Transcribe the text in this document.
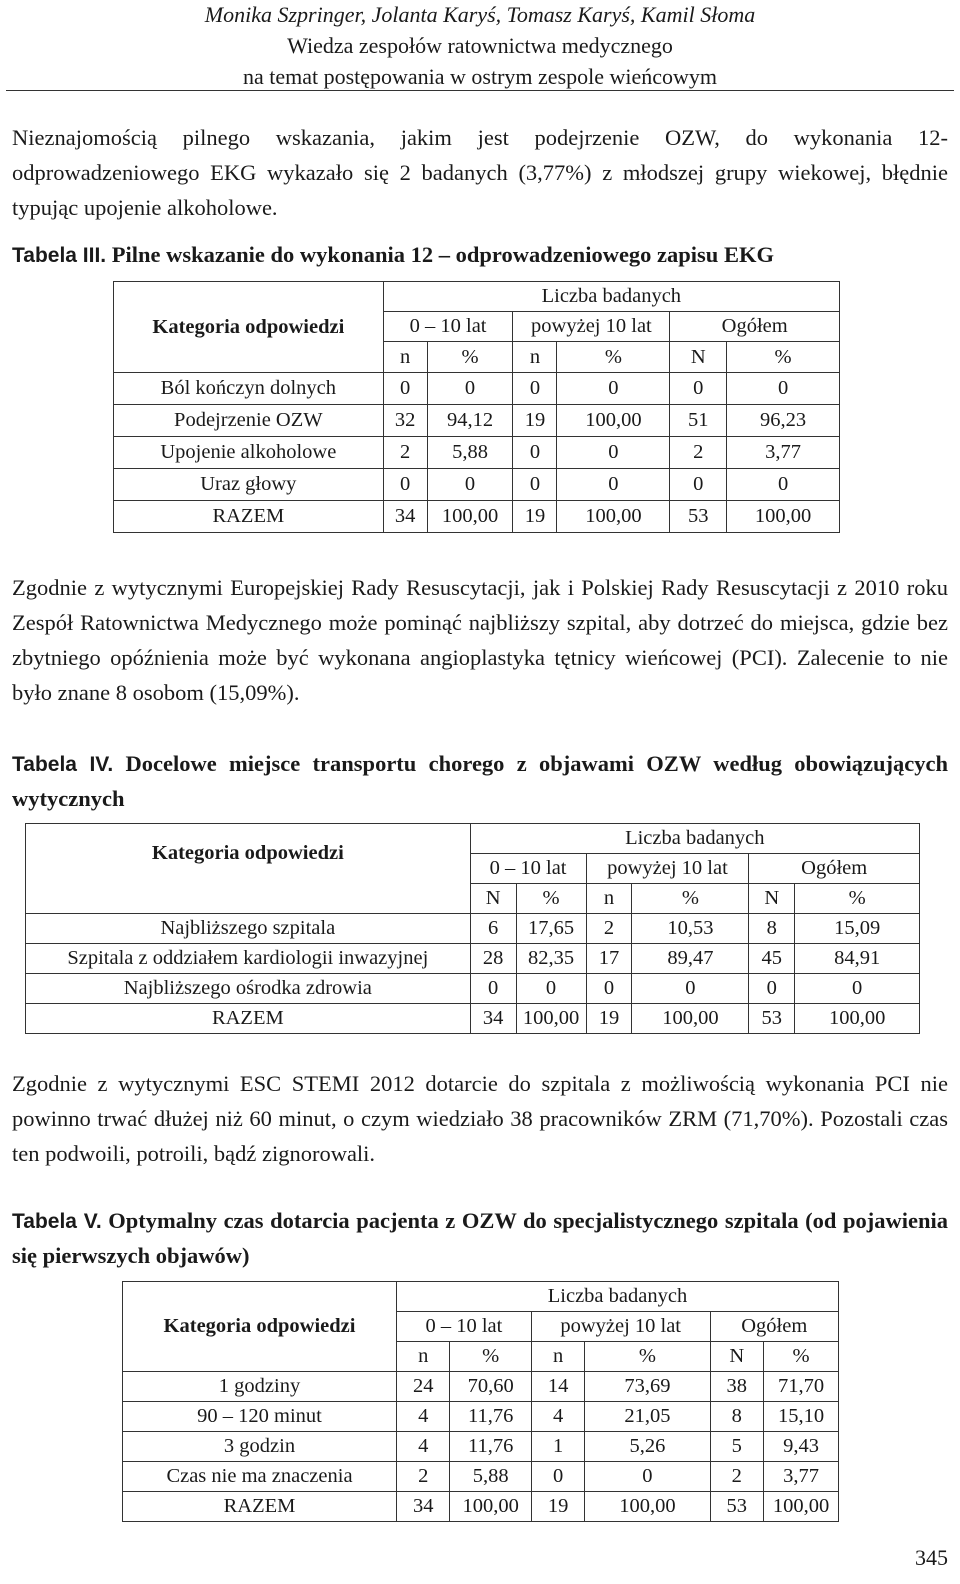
Monika Szpringer, Jolanta Karyś, Tomasz Karyś, Kamil Słoma
Wiedza zespołów ratownictwa medycznego
na temat postępowania w ostrym zespole wieńcowym
Nieznajomością pilnego wskazania, jakim jest podejrzenie OZW, do wykonania 12-odprowadzeniowego EKG wykazało się 2 badanych (3,77%) z młodszej grupy wiekowej, błędnie typując upojenie alkoholowe.
Tabela III. Pilne wskazanie do wykonania 12 – odprowadzeniowego zapisu EKG
Kategoria odpowiedzi	Liczba badanych					
	0 – 10 lat		powyżej 10 lat		Ogółem	
	n	%	n	%	N	%
Ból kończyn dolnych	0	0	0	0	0	0
Podejrzenie OZW	32	94,12	19	100,00	51	96,23
Upojenie alkoholowe	2	5,88	0	0	2	3,77
Uraz głowy	0	0	0	0	0	0
RAZEM	34	100,00	19	100,00	53	100,00
Zgodnie z wytycznymi Europejskiej Rady Resuscytacji, jak i Polskiej Rady Resuscytacji z 2010 roku Zespół Ratownictwa Medycznego może pominąć najbliższy szpital, aby dotrzeć do miejsca, gdzie bez zbytniego opóźnienia może być wykonana angioplastyka tętnicy wieńcowej (PCI). Zalecenie to nie było znane 8 osobom (15,09%).
Tabela IV. Docelowe miejsce transportu chorego z objawami OZW według obowiązujących wytycznych
Kategoria odpowiedzi	Liczba badanych					
	0 – 10 lat		powyżej 10 lat		Ogółem	
	N	%	n	%	N	%
Najbliższego szpitala	6	17,65	2	10,53	8	15,09
Szpitala z oddziałem kardiologii inwazyjnej	28	82,35	17	89,47	45	84,91
Najbliższego ośrodka zdrowia	0	0	0	0	0	0
RAZEM	34	100,00	19	100,00	53	100,00
Zgodnie z wytycznymi ESC STEMI 2012 dotarcie do szpitala z możliwością wykonania PCI nie powinno trwać dłużej niż 60 minut, o czym wiedziało 38 pracowników ZRM (71,70%). Pozostali czas ten podwoili, potroili, bądź zignorowali.
Tabela V. Optymalny czas dotarcia pacjenta z OZW do specjalistycznego szpitala (od pojawienia się pierwszych objawów)
Kategoria odpowiedzi	Liczba badanych					
	0 – 10 lat		powyżej 10 lat		Ogółem	
	n	%	n	%	N	%
1 godziny	24	70,60	14	73,69	38	71,70
90 – 120 minut	4	11,76	4	21,05	8	15,10
3 godzin	4	11,76	1	5,26	5	9,43
Czas nie ma znaczenia	2	5,88	0	0	2	3,77
RAZEM	34	100,00	19	100,00	53	100,00
345
